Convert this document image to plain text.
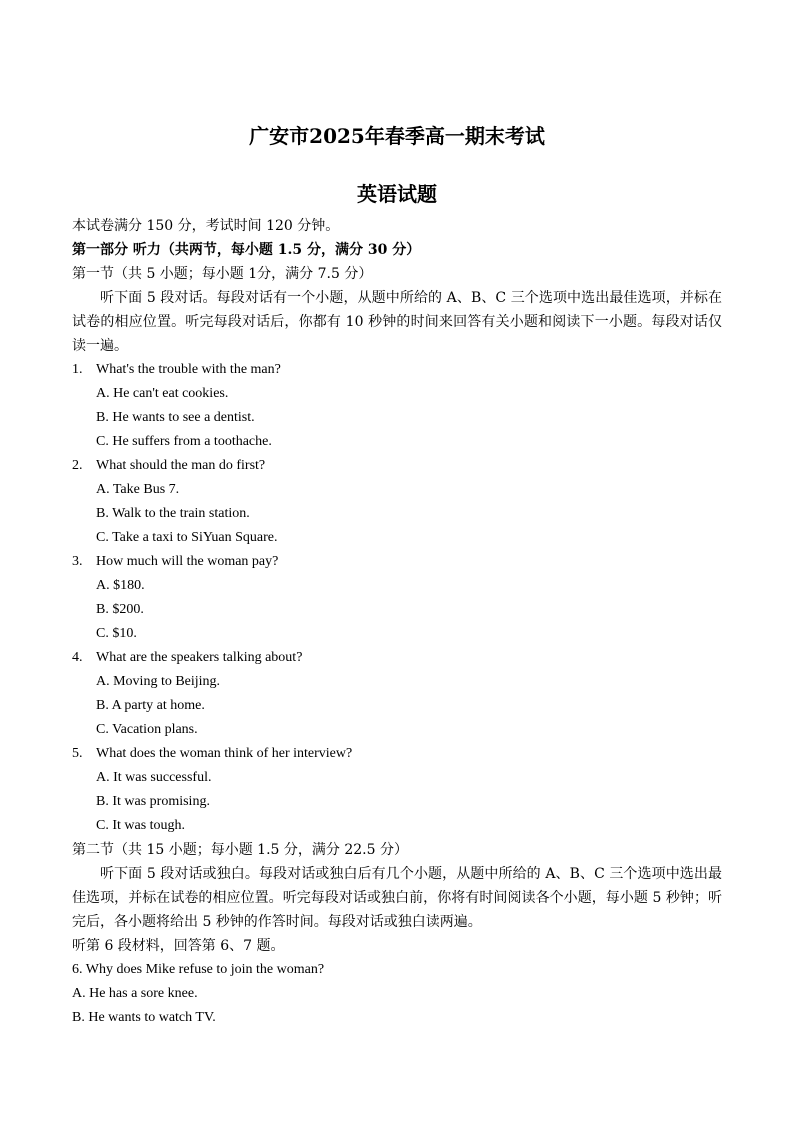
广安市2025年春季高一期末考试
英语试题
本试卷满分 150 分，考试时间 120 分钟。
第一部分 听力（共两节，每小题 1.5 分，满分 30 分）
第一节（共 5 小题；每小题 1分，满分 7.5 分）
听下面 5 段对话。每段对话有一个小题，从题中所给的 A、B、C 三个选项中选出最佳选项，并标在试卷的相应位置。听完每段对话后，你都有 10 秒钟的时间来回答有关小题和阅读下一小题。每段对话仅读一遍。
1. What's the trouble with the man?
A. He can't eat cookies.
B. He wants to see a dentist.
C. He suffers from a toothache.
2. What should the man do first?
A. Take Bus 7.
B. Walk to the train station.
C. Take a taxi to SiYuan Square.
3. How much will the woman pay?
A. $180.
B. $200.
C. $10.
4. What are the speakers talking about?
A. Moving to Beijing.
B. A party at home.
C. Vacation plans.
5. What does the woman think of her interview?
A. It was successful.
B. It was promising.
C. It was tough.
第二节（共 15 小题；每小题 1.5 分，满分 22.5 分）
听下面 5 段对话或独白。每段对话或独白后有几个小题，从题中所给的 A、B、C 三个选项中选出最佳选项，并标在试卷的相应位置。听完每段对话或独白前，你将有时间阅读各个小题，每小题 5 秒钟；听完后，各小题将给出 5 秒钟的作答时间。每段对话或独白读两遍。
听第 6 段材料，回答第 6、7 题。
6. Why does Mike refuse to join the woman?
A. He has a sore knee.
B. He wants to watch TV.
